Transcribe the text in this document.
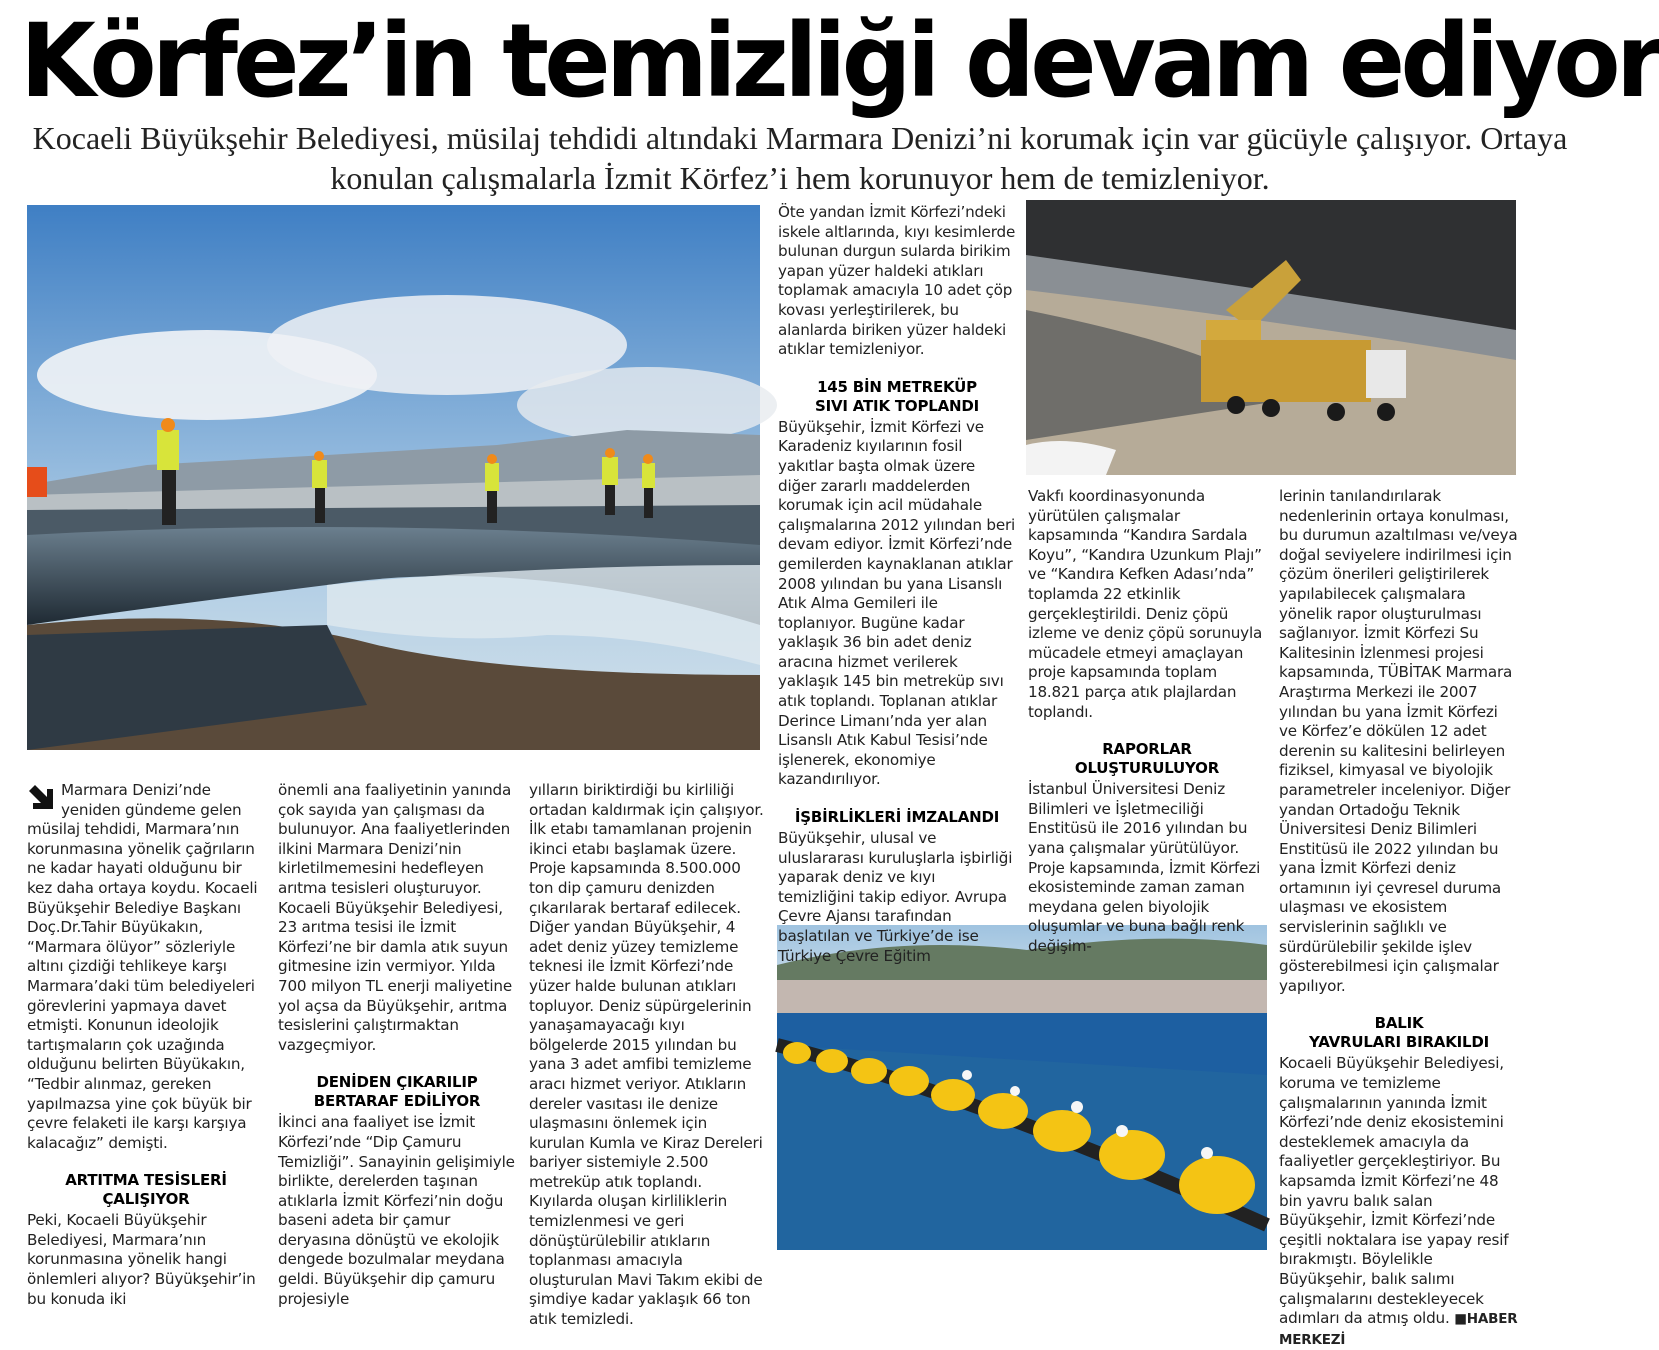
Körfez’in temizliği devam ediyor
Kocaeli Büyükşehir Belediyesi, müsilaj tehdidi altındaki Marmara Denizi’ni korumak için var gücüyle çalışıyor. Ortaya konulan çalışmalarla İzmit Körfez’i hem korunuyor hem de temizleniyor.

Marmara Denizi’nde yeniden gündeme gelen müsilaj tehdidi, Marmara’nın korunmasına yönelik çağrıların ne kadar hayati olduğunu bir kez daha ortaya koydu. Kocaeli Büyükşehir Belediye Başkanı Doç.Dr.Tahir Büyükakın, “Marmara ölüyor” sözleriyle altını çizdiği tehlikeye karşı Marmara’daki tüm belediyeleri görevlerini yapmaya davet etmişti. Konunun ideolojik tartışmaların çok uzağında olduğunu belirten Büyükakın, “Tedbir alınmaz, gereken yapılmazsa yine çok büyük bir çevre felaketi ile karşı karşıya kalacağız” demişti.

ARTITMA TESİSLERİ
ÇALIŞIYOR

Peki, Kocaeli Büyükşehir Belediyesi, Marmara’nın korunmasına yönelik hangi önlemleri alıyor? Büyükşehir’in bu konuda iki

önemli ana faaliyetinin yanında çok sayıda yan çalışması da bulunuyor. Ana faaliyetlerinden ilkini Marmara Denizi’nin kirletilmemesini hedefleyen arıtma tesisleri oluşturuyor. Kocaeli Büyükşehir Belediyesi, 23 arıtma tesisi ile İzmit Körfezi’ne bir damla atık suyun gitmesine izin vermiyor. Yıldа 700 milyon TL enerji maliyetine yol açsa da Büyükşehir, arıtma tesislerini çalıştırmaktan vazgeçmiyor.

DENİDEN ÇIKARILIP
BERTARAF EDİLİYOR

İkinci ana faaliyet ise İzmit Körfezi’nde “Dip Çamuru Temizliği”. Sanayinin gelişimiyle birlikte, derelerden taşınan atıklarla İzmit Körfezi’nin doğu baseni adeta bir çamur deryasına dönüştü ve ekolojik dengede bozulmalar meydana geldi. Büyükşehir dip çamuru projesiyle

yılların biriktirdiği bu kirliliği ortadan kaldırmak için çalışıyor. İlk etabı tamamlanan projenin ikinci etabı başlamak üzere. Proje kapsamında 8.500.000 ton dip çamuru denizden çıkarılarak bertaraf edilecek. Diğer yandan Büyükşehir, 4 adet deniz yüzey temizleme teknesi ile İzmit Körfezi’nde yüzer halde bulunan atıkları topluyor. Deniz süpürgelerinin yanaşamayacağı kıyı bölgelerde 2015 yılından bu yana 3 adet amfibi temizleme aracı hizmet veriyor. Atıkların dereler vasıtası ile denize ulaşmasını önlemek için kurulan Kumla ve Kiraz Dereleri bariyer sistemiyle 2.500 metreküp atık toplandı. Kıyılarda oluşan kirliliklerin temizlenmesi ve geri dönüştürülebilir atıkların toplanması amacıyla oluşturulan Mavi Takım ekibi de şimdiye kadar yaklaşık 66 ton atık temizledi.

Öte yandan İzmit Körfezi’ndeki iskele altlarında, kıyı kesimlerde bulunan durgun sularda birikim yapan yüzer haldeki atıkları toplamak amacıyla 10 adet çöp kovası yerleştirilerek, bu alanlarda biriken yüzer haldeki atıklar temizleniyor.

145 BİN METREKÜP
SIVI ATIK TOPLANDI

Büyükşehir, İzmit Körfezi ve Karadeniz kıyılarının fosil yakıtlar başta olmak üzere diğer zararlı maddelerden korumak için acil müdahale çalışmalarına 2012 yılından beri devam ediyor. İzmit Körfezi’nde gemilerden kaynaklanan atıklar 2008 yılından bu yana Lisanslı Atık Alma Gemileri ile toplanıyor. Bugüne kadar yaklaşık 36 bin adet deniz aracına hizmet verilerek yaklaşık 145 bin metreküp sıvı atık toplandı. Toplanan atıklar Derince Limanı’nda yer alan Lisanslı Atık Kabul Tesisi’nde işlenerek, ekonomiye kazandırılıyor.

İŞBİRLİKLERİ İMZALANDI

Büyükşehir, ulusal ve uluslararası kuruluşlarla işbirliği yaparak deniz ve kıyı temizliğini takip ediyor. Avrupa Çevre Ajansı tarafından başlatılan ve Türkiye’de ise Türkiye Çevre Eğitim

Vakfı koordinasyonunda yürütülen çalışmalar kapsamında “Kandıra Sardala Koyu”, “Kandıra Uzunkum Plajı” ve “Kandıra Kefken Adası’nda” toplamda 22 etkinlik gerçekleştirildi. Deniz çöpü izleme ve deniz çöpü sorunuyla mücadele etmeyi amaçlayan proje kapsamında toplam 18.821 parça atık plajlardan toplandı.

RAPORLAR
OLUŞTURULUYOR

İstanbul Üniversitesi Deniz Bilimleri ve İşletmeciliği Enstitüsü ile 2016 yılından bu yana çalışmalar yürütülüyor. Proje kapsamında, İzmit Körfezi ekosisteminde zaman zaman meydana gelen biyolojik oluşumlar ve buna bağlı renk değişim-

lerinin tanılandırılarak nedenlerinin ortaya konulması, bu durumun azaltılması ve/veya doğal seviyelere indirilmesi için çözüm önerileri geliştirilerek yapılabilecek çalışmalara yönelik rapor oluşturulması sağlanıyor. İzmit Körfezi Su Kalitesinin İzlenmesi projesi kapsamında, TÜBİTAK Marmara Araştırma Merkezi ile 2007 yılından bu yana İzmit Körfezi ve Körfez’e dökülen 12 adet derenin su kalitesini belirleyen fiziksel, kimyasal ve biyolojik parametreler incelenіyor. Diğer yandan Ortadoğu Teknik Üniversitesi Deniz Bilimleri Enstitüsü ile 2022 yılından bu yana İzmit Körfezi deniz ortamının iyi çevresel duruma ulaşması ve ekosistem servislerinin sağlıklı ve sürdürülebilir şekilde işlev gösterebilmesi için çalışmalar yapılıyor.

BALIK
YAVRULARI BIRAKILDI

Kocaeli Büyükşehir Belediyesi, koruma ve temizleme çalışmalarının yanında İzmit Körfezi’nde deniz ekosistemini desteklemek amacıyla da faaliyetler gerçekleştiriyor. Bu kapsamda İzmit Körfezi’ne 48 bin yavru balık salan Büyükşehir, İzmit Körfezi’nde çeşitli noktalara ise yapay resif bırakmıştı. Böylelikle Büyükşehir, balık salımı çalışmalarını destekleyecek adımları da atmış oldu. ■HABER MERKEZİ
